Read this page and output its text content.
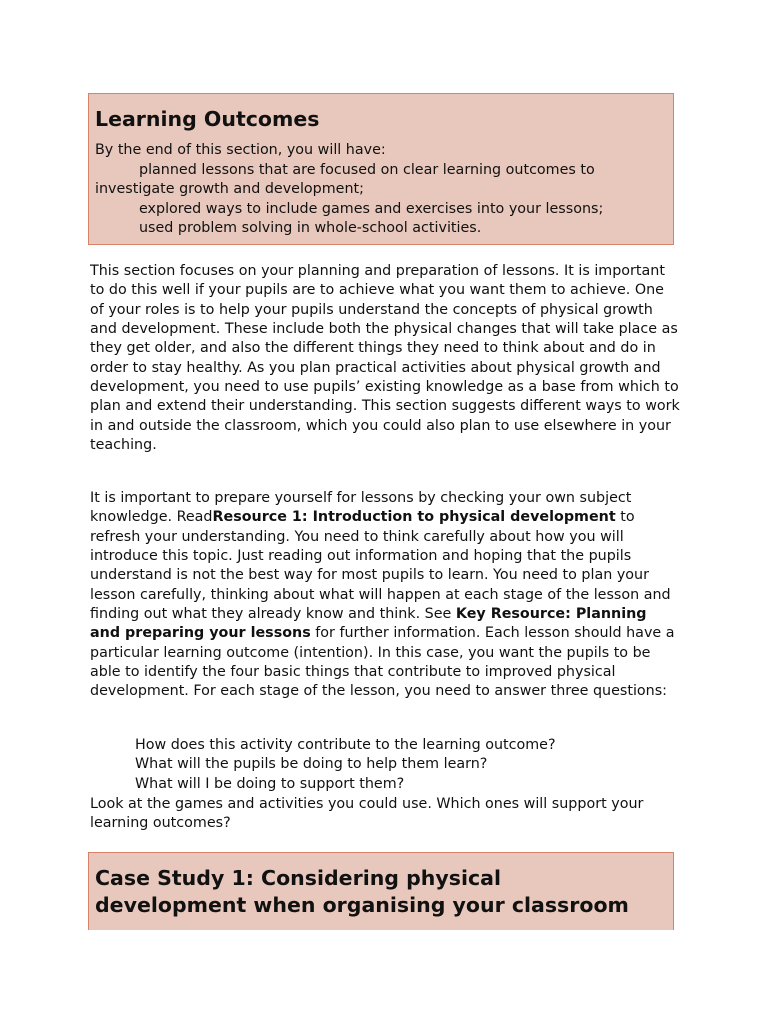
Learning Outcomes

By the end of this section, you will have:

planned lessons that are focused on clear learning outcomes to investigate growth and development;

explored ways to include games and exercises into your lessons;

used problem solving in whole-school activities.

This section focuses on your planning and preparation of lessons. It is important to do this well if your pupils are to achieve what you want them to achieve. One of your roles is to help your pupils understand the concepts of physical growth and development. These include both the physical changes that will take place as they get older, and also the different things they need to think about and do in order to stay healthy. As you plan practical activities about physical growth and development, you need to use pupils’ existing knowledge as a base from which to plan and extend their understanding. This section suggests different ways to work in and outside the classroom, which you could also plan to use elsewhere in your teaching.

It is important to prepare yourself for lessons by checking your own subject knowledge. ReadResource 1: Introduction to physical development to refresh your understanding. You need to think carefully about how you will introduce this topic. Just reading out information and hoping that the pupils understand is not the best way for most pupils to learn. You need to plan your lesson carefully, thinking about what will happen at each stage of the lesson and finding out what they already know and think. See Key Resource: Planning and preparing your lessons for further information. Each lesson should have a particular learning outcome (intention). In this case, you want the pupils to be able to identify the four basic things that contribute to improved physical development. For each stage of the lesson, you need to answer three questions:

How does this activity contribute to the learning outcome?
What will the pupils be doing to help them learn?
What will I be doing to support them?

Look at the games and activities you could use. Which ones will support your learning outcomes?

Case Study 1: Considering physical
development when organising your classroom
